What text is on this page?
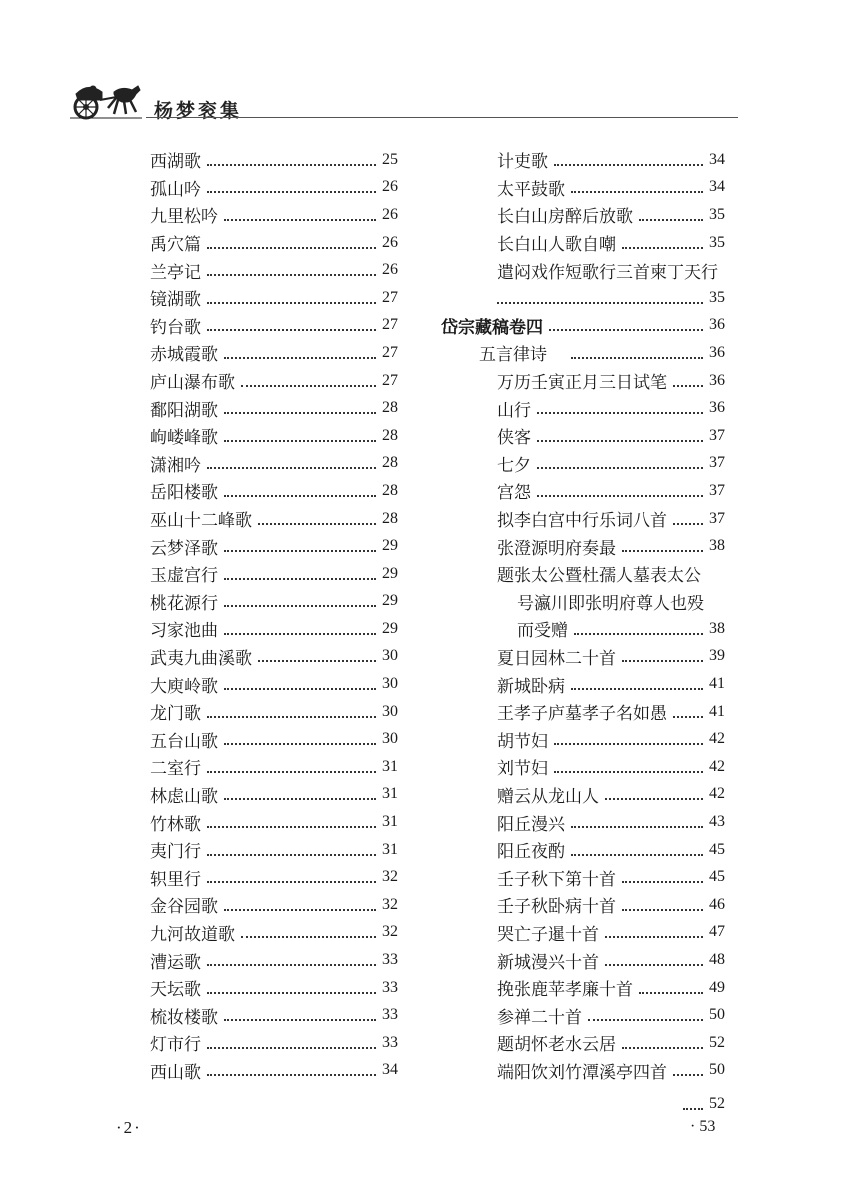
杨梦衮集
西湖歌	25
孤山吟	26
九里松吟	26
禹穴篇	26
兰亭记	26
镜湖歌	27
钓台歌	27
赤城霞歌	27
庐山瀑布歌	27
鄱阳湖歌	28
岣嵝峰歌	28
潇湘吟	28
岳阳楼歌	28
巫山十二峰歌	28
云梦泽歌	29
玉虚宫行	29
桃花源行	29
习家池曲	29
武夷九曲溪歌	30
大庾岭歌	30
龙门歌	30
五台山歌	30
二室行	31
林虑山歌	31
竹林歌	31
夷门行	31
轵里行	32
金谷园歌	32
九河故道歌	32
漕运歌	33
天坛歌	33
梳妆楼歌	33
灯市行	33
西山歌	34
计吏歌	34
太平鼓歌	34
长白山房醉后放歌	35
长白山人歌自嘲	35
遣闷戏作短歌行三首柬丁天行
35
岱宗藏稿卷四	36
五言律诗	36
万历壬寅正月三日试笔	36
山行	36
侠客	37
七夕	37
宫怨	37
拟李白宫中行乐词八首	37
张澄源明府奏最	38
题张太公暨杜孺人墓表太公
号瀛川即张明府尊人也殁
而受赠	38
夏日园林二十首	39
新城卧病	41
王孝子庐墓孝子名如愚	41
胡节妇	42
刘节妇	42
赠云从龙山人	42
阳丘漫兴	43
阳丘夜酌	45
壬子秋下第十首	45
壬子秋卧病十首	46
哭亡子暹十首	47
新城漫兴十首	48
挽张鹿苹孝廉十首	49
参禅二十首	50
题胡怀老水云居	52
端阳饮刘竹潭溪亭四首	50
52
·2·	· 53
